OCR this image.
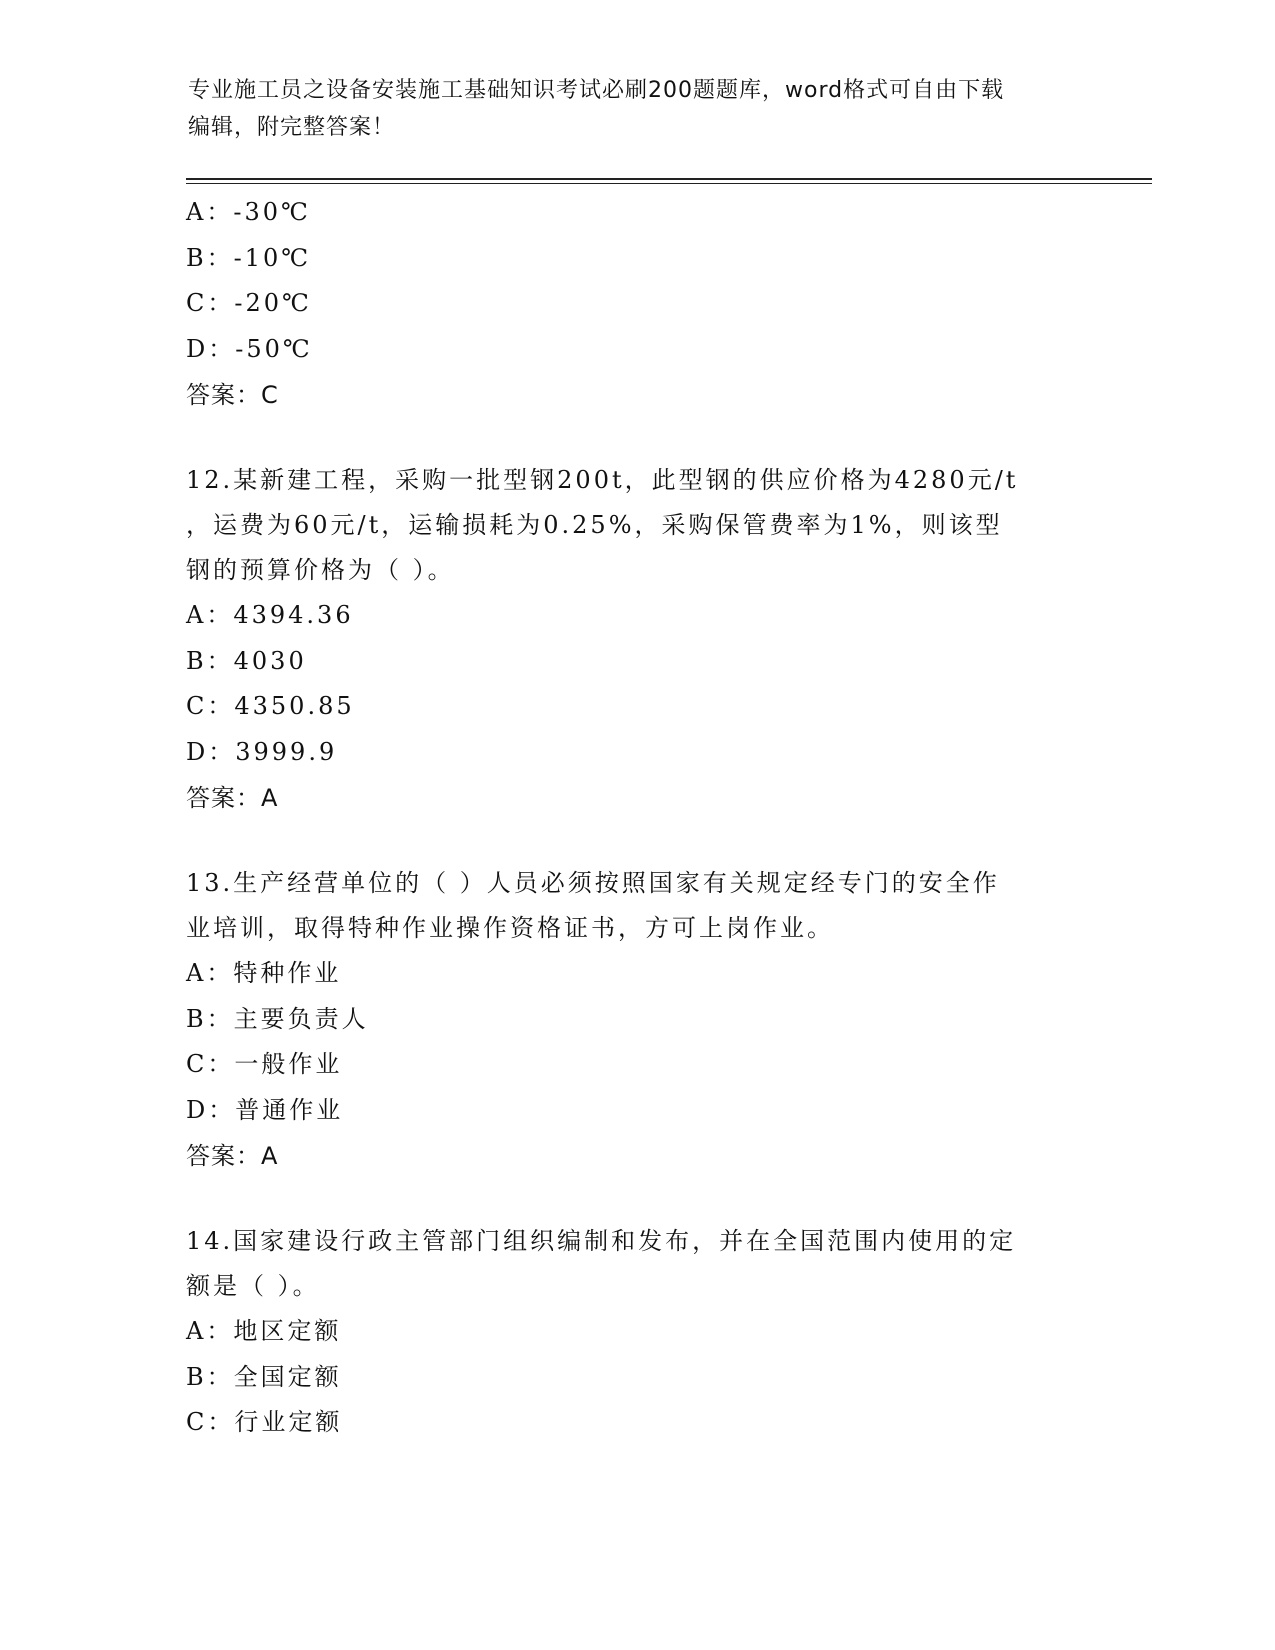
专业施工员之设备安装施工基础知识考试必刷200题题库，word格式可自由下载
编辑，附完整答案！
A：-30℃
B：-10℃
C：-20℃
D：-50℃
答案：C
12.某新建工程，采购一批型钢200t，此型钢的供应价格为4280元/t
，运费为60元/t，运输损耗为0.25%，采购保管费率为1%，则该型
钢的预算价格为（ ）。
A：4394.36
B：4030
C：4350.85
D：3999.9
答案：A
13.生产经营单位的（ ）人员必须按照国家有关规定经专门的安全作
业培训，取得特种作业操作资格证书，方可上岗作业。
A：特种作业
B：主要负责人
C：一般作业
D：普通作业
答案：A
14.国家建设行政主管部门组织编制和发布，并在全国范围内使用的定
额是（ ）。
A：地区定额
B：全国定额
C：行业定额
